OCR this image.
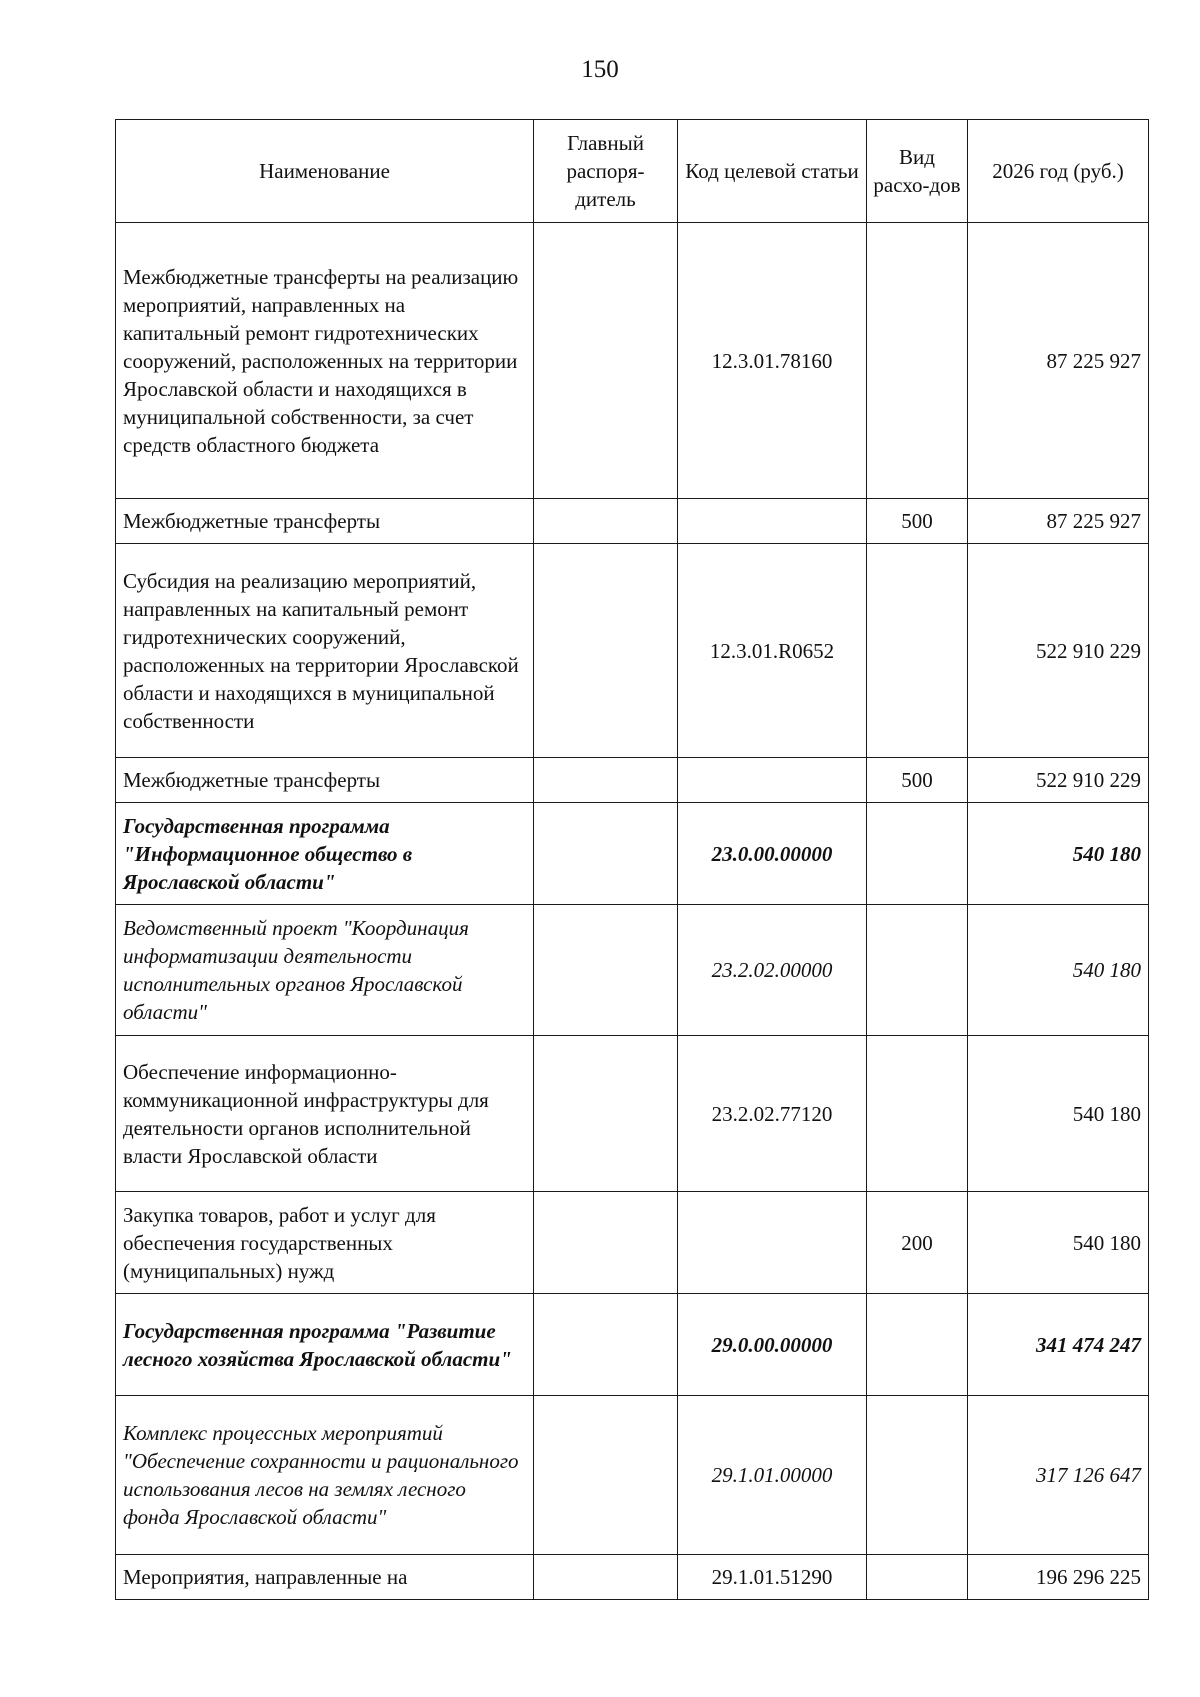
150
Наименование	Главный распоря-дитель	Код целевой статьи	Вид расхо-дов	2026 год (руб.)
Межбюджетные трансферты на реализацию мероприятий, направленных на капитальный ремонт гидротехнических сооружений, расположенных на территории Ярославской области и находящихся в муниципальной собственности, за счет средств областного бюджета		12.3.01.78160		87 225 927
Межбюджетные трансферты			500	87 225 927
Субсидия на реализацию мероприятий, направленных на капитальный ремонт гидротехнических сооружений, расположенных на территории Ярославской области и находящихся в муниципальной собственности		12.3.01.R0652		522 910 229
Межбюджетные трансферты			500	522 910 229
Государственная программа "Информационное общество в Ярославской области"		23.0.00.00000		540 180
Ведомственный проект "Координация информатизации деятельности исполнительных органов Ярославской области"		23.2.02.00000		540 180
Обеспечение информационно-коммуникационной инфраструктуры для деятельности органов исполнительной власти Ярославской области		23.2.02.77120		540 180
Закупка товаров, работ и услуг для обеспечения государственных (муниципальных) нужд			200	540 180
Государственная программа "Развитие лесного хозяйства Ярославской области"		29.0.00.00000		341 474 247
Комплекс процессных мероприятий "Обеспечение сохранности и рационального использования лесов на землях лесного фонда Ярославской области"		29.1.01.00000		317 126 647
Мероприятия, направленные на		29.1.01.51290		196 296 225
